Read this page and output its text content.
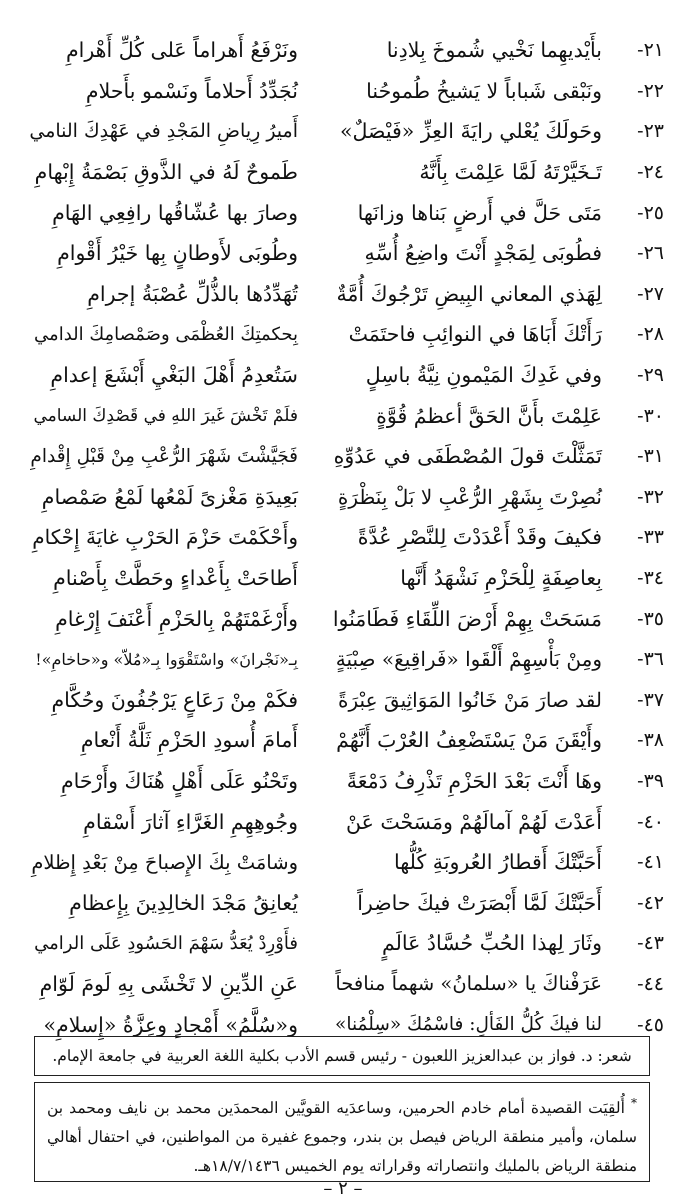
٢١-
بأَيْديهِما نَخْيي شُموخَ بِلادِنا
ونَرْفَعُ أَهراماً عَلى كُلِّ أَهْرامِ
٢٢-
ونَبْقى شَباباً لا يَشيخُ طُموحُنا
نُجَدِّدُ أَحلاماً ونَسْمو بأَحلامِ
٢٣-
وحَولَكَ يُعْلي رايَةَ العِزِّ «فَيْصَلٌ»
أَميرُ رِياضِ المَجْدِ في عَهْدِكَ النامي
٢٤-
تَـخَيَّرْتَهُ لَمَّا عَلِمْتَ بِأَنَّهُ
طَموحٌ لَهُ في الذَّوقِ بَصْمَةُ إِبْهامِ
٢٥-
مَتَى حَلَّ في أَرضٍ بَناها وزانَها
وصارَ بها عُشّاقُها رافِعِي الهَامِ
٢٦-
فطُوبَى لِمَجْدٍ أَنْتَ واضِعُ أُسِّهِ
وطُوبَى لأَوطانٍ بِها خَيْرُ أَقْوامِ
٢٧-
لِهَذي المعاني البِيضِ تَرْجُوكَ أُمَّةٌ
تُهَدِّدُها بالذُّلِّ عُصْبَةُ إجرامِ
٢٨-
رَأَتْكَ أَبَاهَا في النوائِبِ فاحتَمَتْ
بِحكمتِكَ العُظْمَى وصَمْصامِكَ الدامي
٢٩-
وفي غَدِكَ المَيْمونِ نِيَّةُ باسِلٍ
سَتُعدِمُ أَهْلَ البَغْيِ أَبْشَعَ إعدامِ
٣٠-
عَلِمْتَ بأَنَّ الحَقَّ أعظمُ قُوَّةٍ
فلَمْ تَخْشَ غَيرَ اللهِ في قَصْدِكَ السامي
٣١-
تَمَثَّلْتَ قولَ المُصْطَفَى في عَدُوِّهِ
فَجَيَّشْتَ شَهْرَ الرُّعْبِ مِنْ قَبْلِ إِقْدامِ
٣٢-
نُصِرْتَ بِشَهْرِ الرُّعْبِ لا بَلْ بِنَظْرَةٍ
بَعِيدَةِ مَغْزىً لَمْعُها لَمْعُ صَمْصامِ
٣٣-
فكيفَ وقَدْ أَعْدَدْتَ لِلنَّصْرِ عُدَّةً
وأَحْكَمْتَ حَزْمَ الحَرْبِ غايَةَ إِحْكامِ
٣٤-
بِعاصِفَةٍ لِلْحَزْمِ نَشْهَدُ أَنَّها
أَطاحَتْ بِأَعْداءٍ وحَطَّتْ بِأَصْنامِ
٣٥-
مَسَحَتْ بِهِمْ أَرْضَ اللِّقَاءِ فَطَامَنُوا
وأَرْغَمْتَهُمْ بِالحَزْمِ أَعْنَفَ إِرْغامِ
٣٦-
ومِنْ بَأْسِهِمْ أَلْقَوا «فَراقِيعَ» صِبْيَةٍ
بِـ«نَجْرانَ» واسْتَقْوَوا بِـ«مُلاّ» و«حاخامِ»!
٣٧-
لقد صارَ مَنْ خَانُوا المَوَاثِيقَ عِبْرَةً
فكَمْ مِنْ رَعَاعٍ يَرْجُفُونَ وحُكَّامِ
٣٨-
وأَيْقَنَ مَنْ يَسْتَضْعِفُ العُرْبَ أَنَّهُمْ
أَمامَ أُسودِ الحَزْمِ ثَلَّةُ أَنْعامِ
٣٩-
وهَا أَنْتَ بَعْدَ الحَزْمِ تَذْرِفُ دَمْعَةً
وتَحْنُو عَلَى أَهْلٍ هُنَاكَ وأَرْحَامِ
٤٠-
أَعَدْتَ لَهُمْ آمالَهُمْ ومَسَحْتَ عَنْ
وجُوهِهِمِ الغَرَّاءِ آثارَ أَسْقامِ
٤١-
أَحَبَّتْكَ أَقطارُ العُروبَةِ كُلُّها
وشامَتْ بِكَ الإِصباحَ مِنْ بَعْدِ إِظلامِ
٤٢-
أَحَبَّتْكَ لَمَّا أَبْصَرَتْ فيكَ حاضِراً
يُعانِقُ مَجْدَ الخالِدِينَ بِإِعظامِ
٤٣-
وثَارَ لِهذا الحُبِّ حُسَّادُ عَالَمٍ
فأَوْرِدْ يُعَدُّ سَهْمَ الحَسُودِ عَلَى الرامي
٤٤-
عَرَفْناكَ يا «سلمانُ» شهماً منافحاً
عَنِ الدِّينِ لا تَخْشَى بِهِ لَومَ لَوّامِ
٤٥-
لنا فيكَ كُلُّ الفَألِ: فاسْمُكَ «سِلْمُنا»
و«سُلَّمُ» أَمْجادٍ وعِزَّةُ «إِسلامِ»
شعر: د. فواز بن عبدالعزيز اللعبون - رئيس قسم الأدب بكلية اللغة العربية في جامعة الإمام.

* أُلقِيَت القصيدة أمام خادم الحرمين، وساعدَيه القويَّين المحمدَين محمد بن نايف ومحمد بن سلمان، وأمير منطقة الرياض فيصل بن بندر، وجموع غفيرة من المواطنين، في احتفال أهالي منطقة الرياض بالمليك وانتصاراته وقراراته يوم الخميس ١٨/٧/١٤٣٦هـ.

– ٢ –
